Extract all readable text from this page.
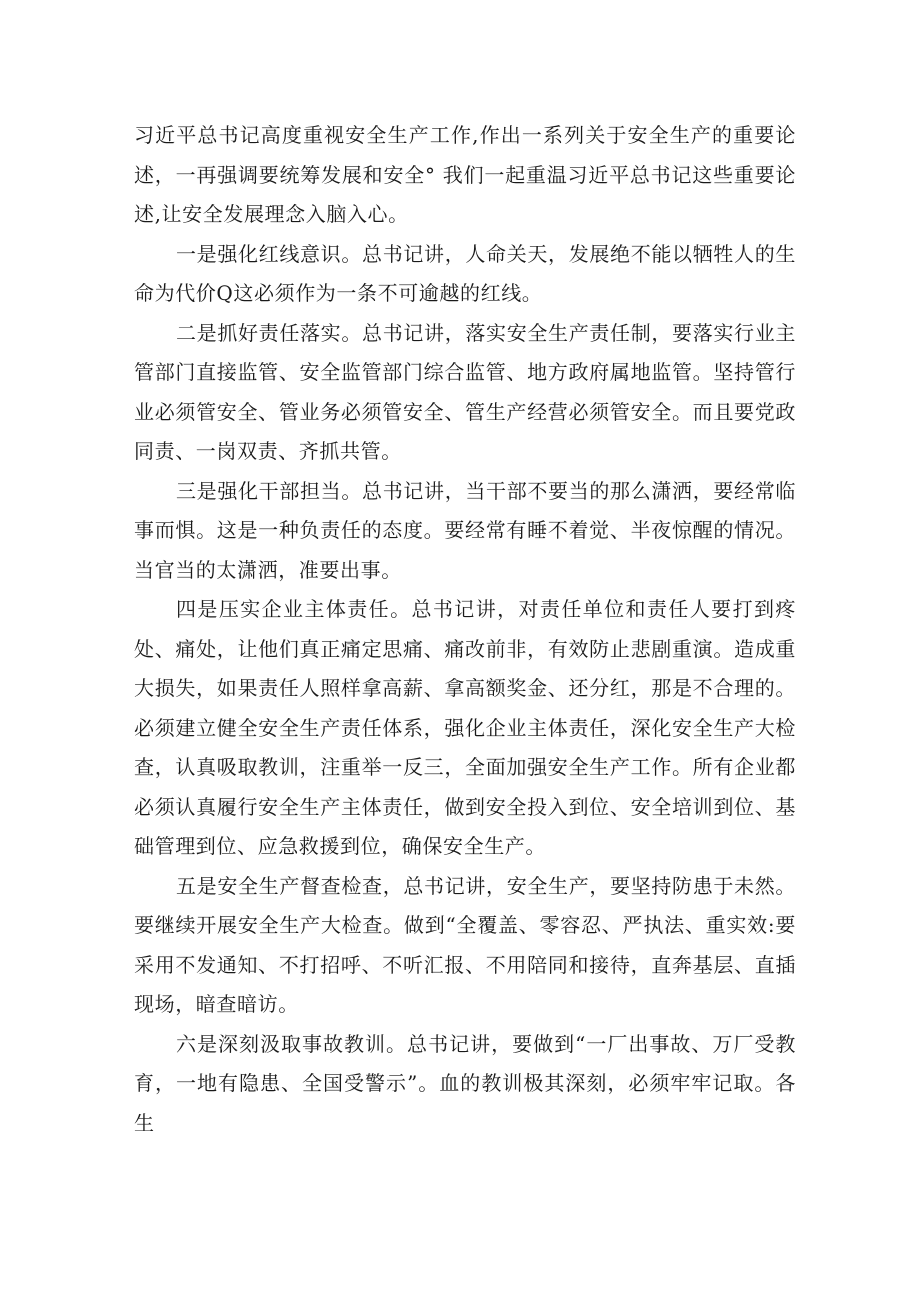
习近平总书记高度重视安全生产工作,作出一系列关于安全生产的重要论述，一再强调要统筹发展和安全° 我们一起重温习近平总书记这些重要论述,让安全发展理念入脑入心。

一是强化红线意识。总书记讲，人命关天，发展绝不能以牺牲人的生命为代价Q这必须作为一条不可逾越的红线。

二是抓好责任落实。总书记讲，落实安全生产责任制，要落实行业主管部门直接监管、安全监管部门综合监管、地方政府属地监管。坚持管行业必须管安全、管业务必须管安全、管生产经营必须管安全。而且要党政同责、一岗双责、齐抓共管。

三是强化干部担当。总书记讲，当干部不要当的那么潇洒，要经常临事而惧。这是一种负责任的态度。要经常有睡不着觉、半夜惊醒的情况。当官当的太潇洒，准要出事。

四是压实企业主体责任。总书记讲，对责任单位和责任人要打到疼处、痛处，让他们真正痛定思痛、痛改前非，有效防止悲剧重演。造成重大损失，如果责任人照样拿高薪、拿高额奖金、还分红，那是不合理的。必须建立健全安全生产责任体系，强化企业主体责任，深化安全生产大检查，认真吸取教训，注重举一反三，全面加强安全生产工作。所有企业都必须认真履行安全生产主体责任，做到安全投入到位、安全培训到位、基础管理到位、应急救援到位，确保安全生产。

五是安全生产督查检查，总书记讲，安全生产，要坚持防患于未然。要继续开展安全生产大检查。做到“全覆盖、零容忍、严执法、重实效:要采用不发通知、不打招呼、不听汇报、不用陪同和接待，直奔基层、直插现场，暗查暗访。

六是深刻汲取事故教训。总书记讲，要做到“一厂出事故、万厂受教育，一地有隐患、全国受警示”。血的教训极其深刻，必须牢牢记取。各生
